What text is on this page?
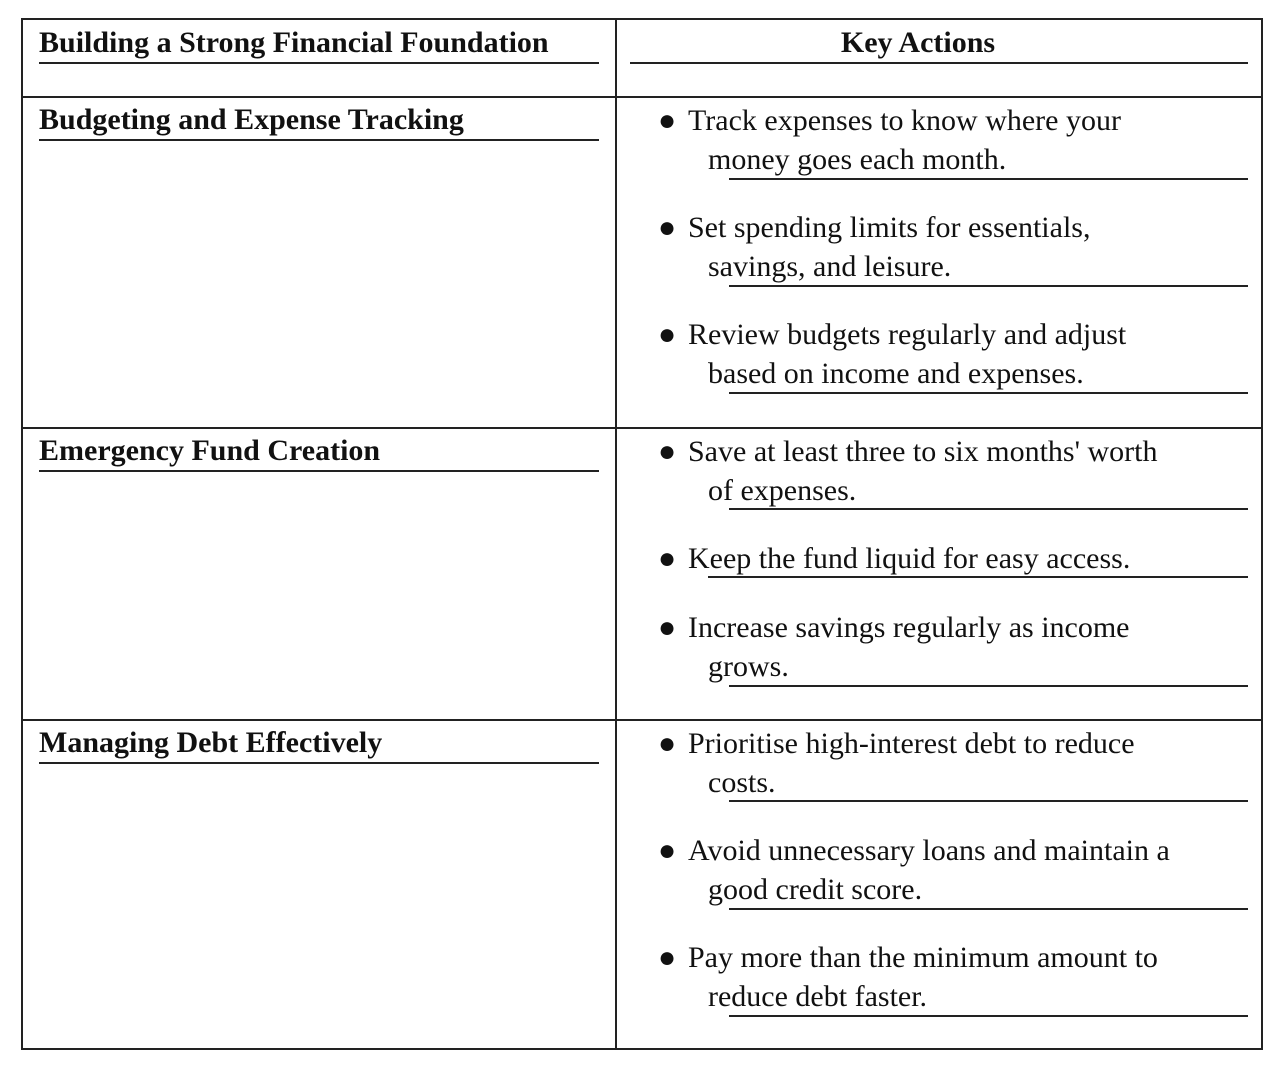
Building a Strong Financial Foundation	Key Actions
Budgeting and Expense Tracking	● Track expenses to know where your
money goes each month.
● Set spending limits for essentials,
savings, and leisure.
● Review budgets regularly and adjust
based on income and expenses.
Emergency Fund Creation	● Save at least three to six months' worth
of expenses.
● Keep the fund liquid for easy access.
● Increase savings regularly as income
grows.
Managing Debt Effectively	● Prioritise high-interest debt to reduce
costs.
● Avoid unnecessary loans and maintain a
good credit score.
● Pay more than the minimum amount to
reduce debt faster.
